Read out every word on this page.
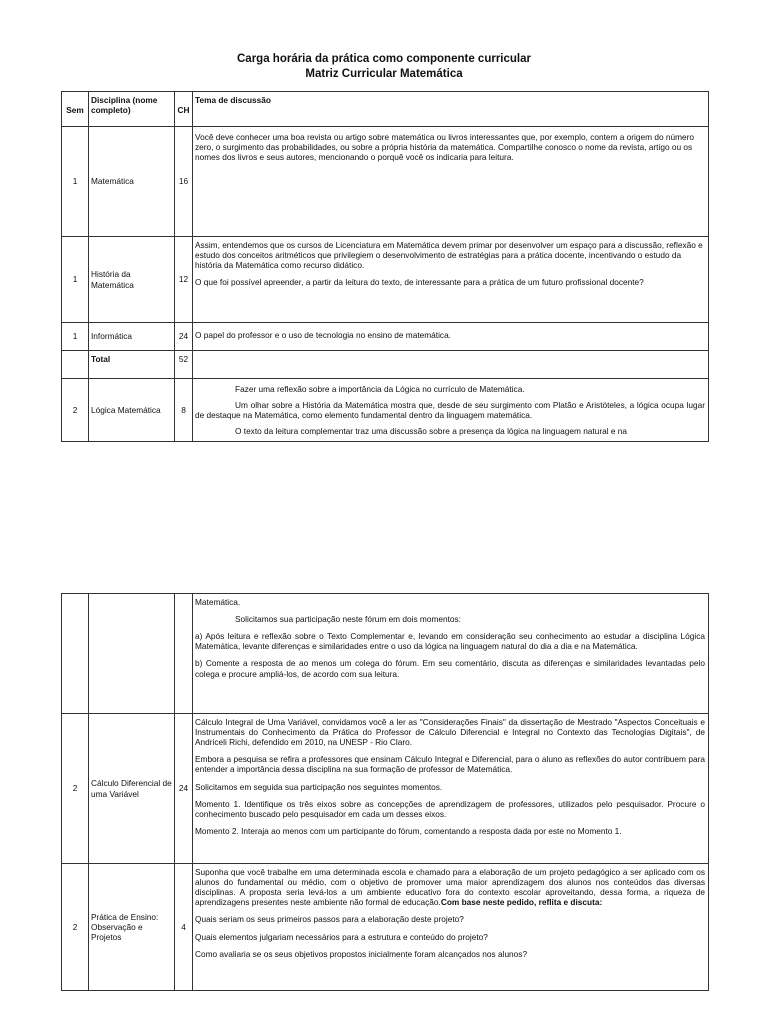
Carga horária da prática como componente curricular
Matriz Curricular Matemática
Sem	Disciplina (nome completo)	CH	Tema de discussão
1	Matemática	16	Você deve conhecer uma boa revista ou artigo sobre matemática ou livros interessantes que, por exemplo, contem a origem do número zero, o surgimento das probabilidades, ou sobre a própria história da matemática. Compartilhe conosco o nome da revista, artigo ou os nomes dos livros e seus autores, mencionando o porquê você os indicaria para leitura.

1	História da Matemática	12	Assim, entendemos que os cursos de Licenciatura em Matemática devem primar por desenvolver um espaço para a discussão, reflexão e estudo dos conceitos aritméticos que privilegiem o desenvolvimento de estratégias para a prática docente, incentivando o estudo da história da Matemática como recurso didático.

O que foi possível apreender, a partir da leitura do texto, de interessante para a prática de um futuro profissional docente?

1	Informática	24	O papel do professor e o uso de tecnologia no ensino de matemática.

	Total	52	
2	Lógica Matemática	8	Fazer uma reflexão sobre a importância da Lógica no currículo de Matemática.

Um olhar sobre a História da Matemática mostra que, desde de seu surgimento com Platão e Aristóteles, a lógica ocupa lugar de destaque na Matemática, como elemento fundamental dentro da linguagem matemática.

O texto da leitura complementar traz uma discussão sobre a presença da lógica na linguagem natural e na

			Matemática.

Solicitamos sua participação neste fórum em dois momentos:

a) Após leitura e reflexão sobre o Texto Complementar e, levando em consideração seu conhecimento ao estudar a disciplina Lógica Matemática, levante diferenças e similaridades entre o uso da lógica na linguagem natural do dia a dia e na Matemática.

b) Comente a resposta de ao menos um colega do fórum. Em seu comentário, discuta as diferenças e similaridades levantadas pelo colega e procure ampliá-los, de acordo com sua leitura.

2	Cálculo Diferencial de uma Variável	24	Cálculo Integral de Uma Variável, convidamos você a ler as "Considerações Finais" da dissertação de Mestrado "Aspectos Conceituais e Instrumentais do Conhecimento da Prática do Professor de Cálculo Diferencial e Integral no Contexto das Tecnologias Digitais", de Andriceli Richi, defendido em 2010, na UNESP - Rio Claro.

Embora a pesquisa se refira a professores que ensinam Cálculo Integral e Diferencial, para o aluno as reflexões do autor contribuem para entender a importância dessa disciplina na sua formação de professor de Matemática.

Solicitamos em seguida sua participação nos seguintes momentos.

Momento 1. Identifique os três eixos sobre as concepções de aprendizagem de professores, utilizados pelo pesquisador. Procure o conhecimento buscado pelo pesquisador em cada um desses eixos.

Momento 2. Interaja ao menos com um participante do fórum, comentando a resposta dada por este no Momento 1.

2	Prática de Ensino: Observação e Projetos	4	Suponha que você trabalhe em uma determinada escola e chamado para a elaboração de um projeto pedagógico a ser aplicado com os alunos do fundamental ou médio, com o objetivo de promover uma maior aprendizagem dos alunos nos conteúdos das diversas disciplinas. A proposta seria levá-los a um ambiente educativo fora do contexto escolar aproveitando, dessa forma, a riqueza de aprendizagens presentes neste ambiente não formal de educação.Com base neste pedido, reflita e discuta:

Quais seriam os seus primeiros passos para a elaboração deste projeto?

Quais elementos julgariam necessários para a estrutura e conteúdo do projeto?

Como avaliaria se os seus objetivos propostos inicialmente foram alcançados nos alunos?
